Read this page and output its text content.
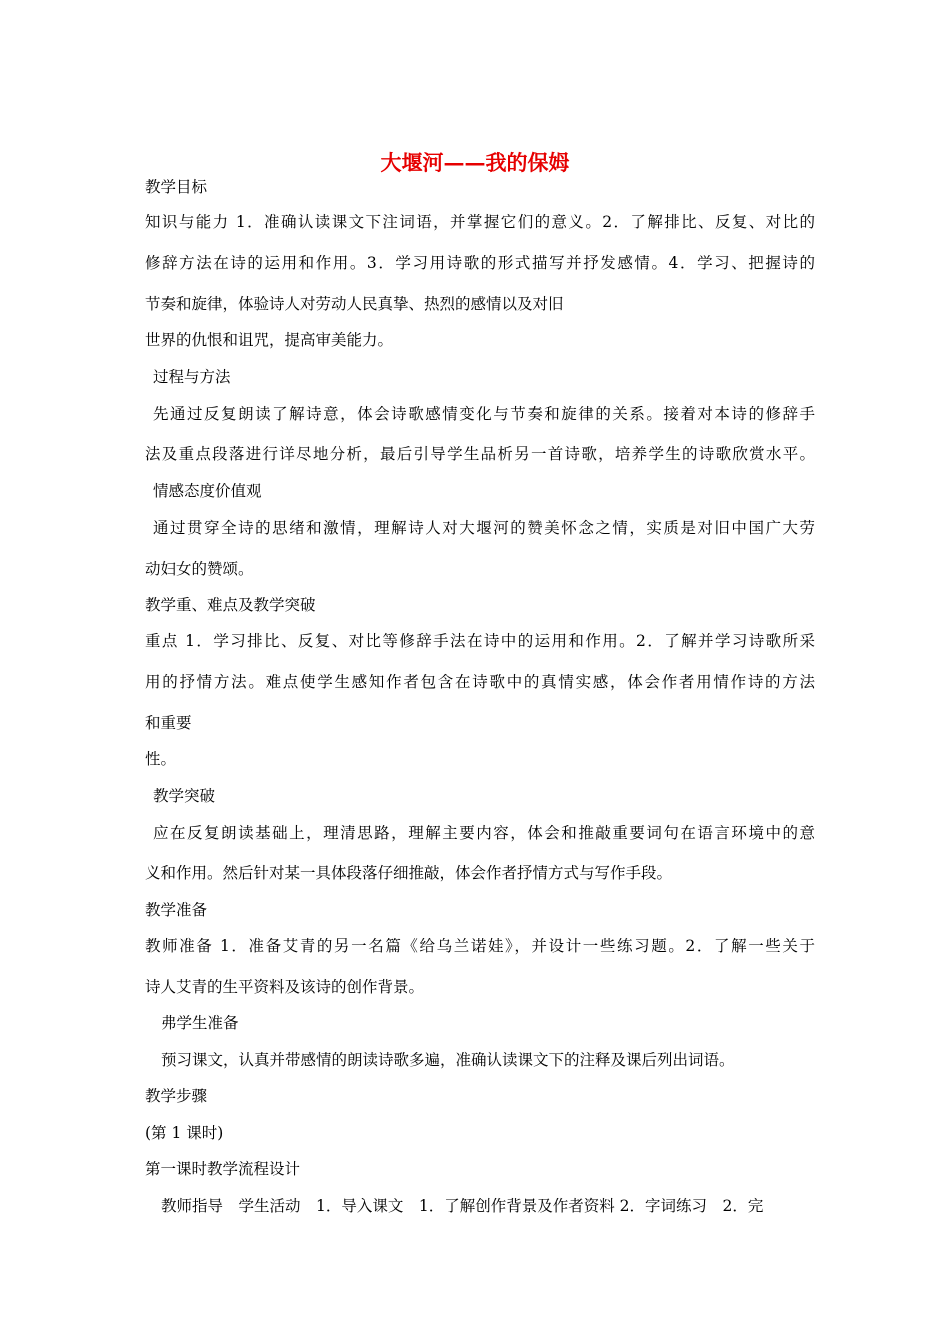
大堰河——我的保姆
教学目标
知识与能力 1．准确认读课文下注词语，并掌握它们的意义。2．了解排比、反复、对比的
修辞方法在诗的运用和作用。3．学习用诗歌的形式描写并抒发感情。4．学习、把握诗的
节奏和旋律，体验诗人对劳动人民真挚、热烈的感情以及对旧
世界的仇恨和诅咒，提高审美能力。
过程与方法
先通过反复朗读了解诗意，体会诗歌感情变化与节奏和旋律的关系。接着对本诗的修辞手
法及重点段落进行详尽地分析，最后引导学生品析另一首诗歌，培养学生的诗歌欣赏水平。
情感态度价值观
通过贯穿全诗的思绪和激情，理解诗人对大堰河的赞美怀念之情，实质是对旧中国广大劳
动妇女的赞颂。
教学重、难点及教学突破
重点 1．学习排比、反复、对比等修辞手法在诗中的运用和作用。2．了解并学习诗歌所采
用的抒情方法。难点使学生感知作者包含在诗歌中的真情实感，体会作者用情作诗的方法
和重要
性。
教学突破
应在反复朗读基础上，理清思路，理解主要内容，体会和推敲重要词句在语言环境中的意
义和作用。然后针对某一具体段落仔细推敲，体会作者抒情方式与写作手段。
教学准备
教师准备 1．准备艾青的另一名篇《给乌兰诺娃》，并设计一些练习题。2．了解一些关于
诗人艾青的生平资料及该诗的创作背景。
弗学生准备
预习课文，认真并带感情的朗读诗歌多遍，准确认读课文下的注释及课后列出词语。
教学步骤
(第 1 课时)
第一课时教学流程设计
教师指导　学生活动　1．导入课文　1．了解创作背景及作者资料 2．字词练习　2．完
